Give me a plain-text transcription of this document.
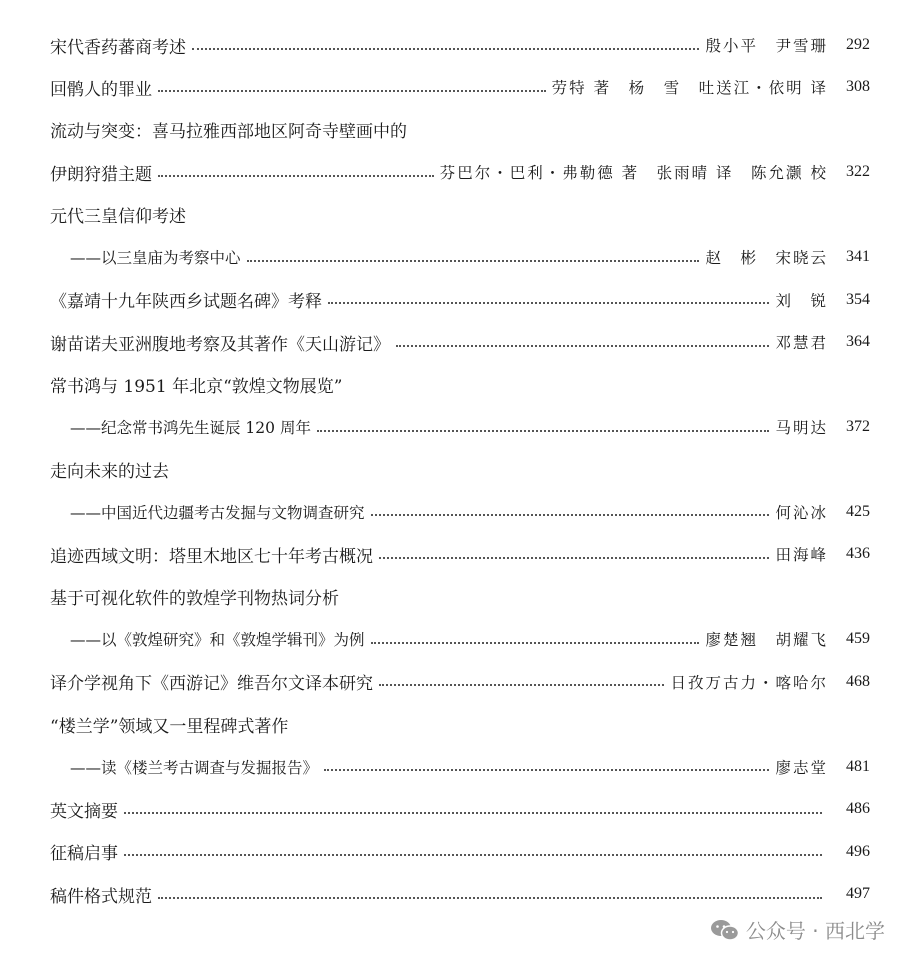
宋代香药蕃商考述	殷小平　尹雪珊	292
回鹘人的罪业	劳特 著　杨　雪　吐送江・依明 译	308
流动与突变：喜马拉雅西部地区阿奇寺壁画中的
伊朗狩猎主题	芬巴尔・巴利・弗勒德 著　张雨晴 译　陈允灏 校	322
元代三皇信仰考述
——以三皇庙为考察中心	赵　彬　宋晓云	341
《嘉靖十九年陕西乡试题名碑》考释	刘　锐	354
谢苗诺夫亚洲腹地考察及其著作《天山游记》	邓慧君	364
常书鸿与 1951 年北京“敦煌文物展览”
——纪念常书鸿先生诞辰 120 周年	马明达	372
走向未来的过去
——中国近代边疆考古发掘与文物调查研究	何沁冰	425
追迹西域文明：塔里木地区七十年考古概况	田海峰	436
基于可视化软件的敦煌学刊物热词分析
——以《敦煌研究》和《敦煌学辑刊》为例	廖楚翘　胡耀飞	459
译介学视角下《西游记》维吾尔文译本研究	日孜万古力・喀哈尔	468
“楼兰学”领域又一里程碑式著作
——读《楼兰考古调查与发掘报告》	廖志堂	481
英文摘要	486
征稿启事	496
稿件格式规范	497
公众号 · 西北学
